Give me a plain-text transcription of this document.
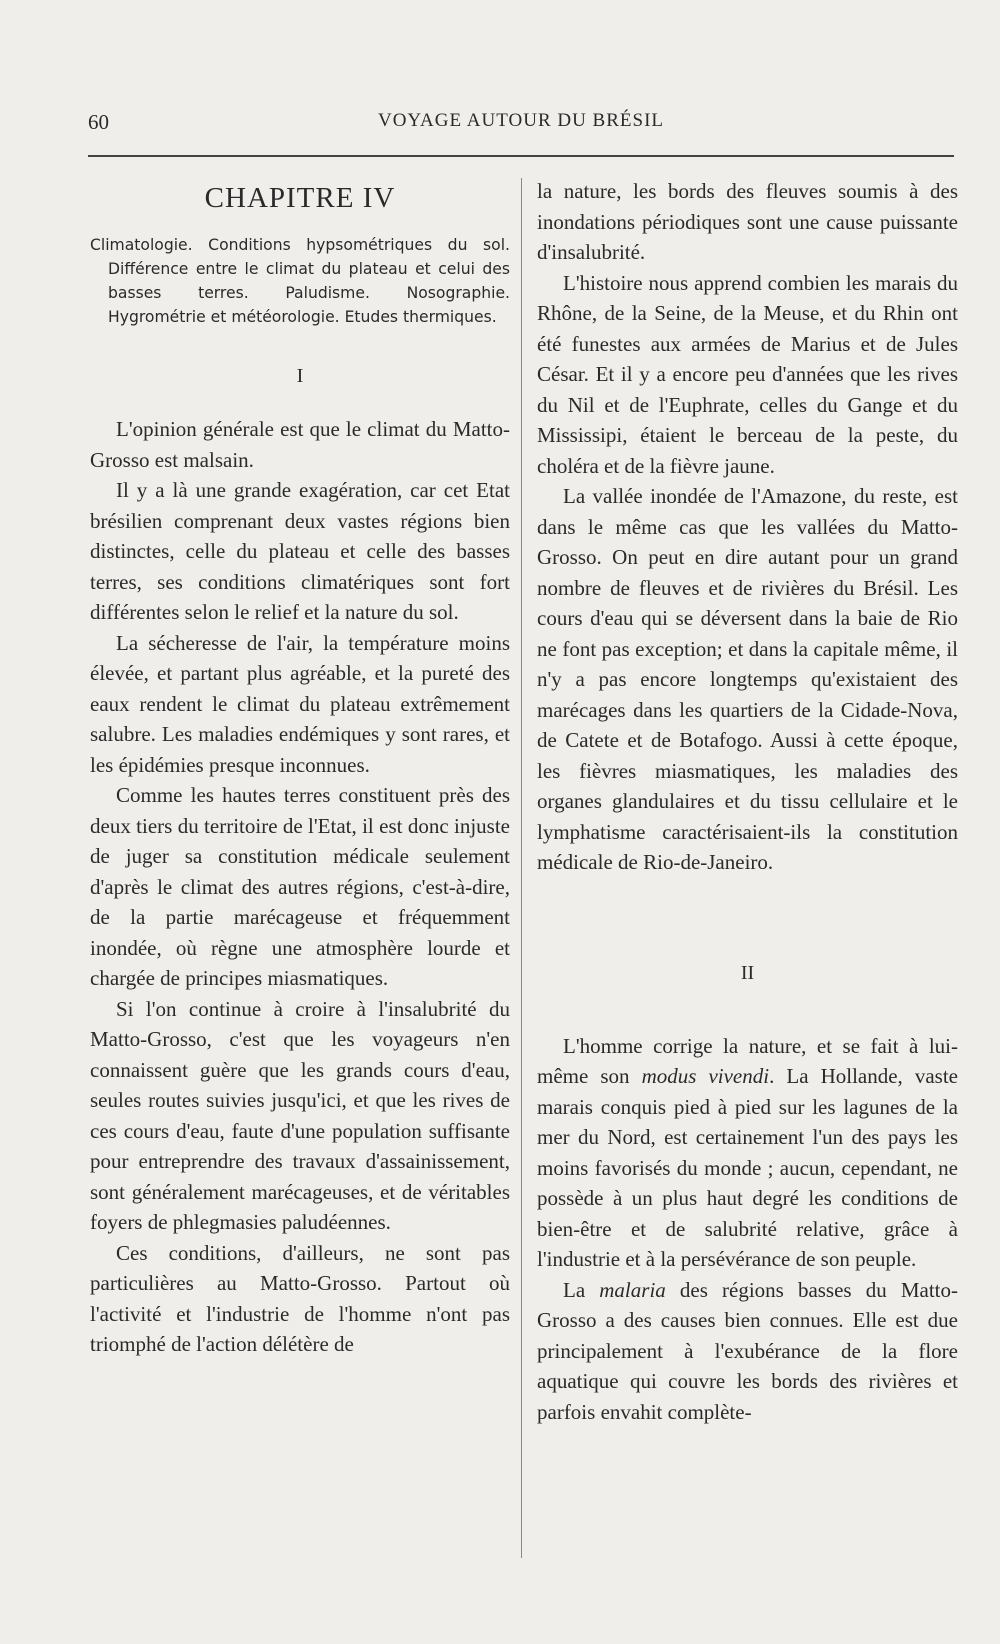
60	VOYAGE AUTOUR DU BRÉSIL
CHAPITRE IV
Climatologie. Conditions hypsométriques du sol. Différence entre le climat du plateau et celui des basses terres. Paludisme. Nosographie. Hygrométrie et météorologie. Etudes thermiques.
I

L'opinion générale est que le climat du Matto-Grosso est malsain.

Il y a là une grande exagération, car cet Etat brésilien comprenant deux vastes régions bien distinctes, celle du plateau et celle des basses terres, ses conditions climatériques sont fort différentes selon le relief et la nature du sol.

La sécheresse de l'air, la température moins élevée, et partant plus agréable, et la pureté des eaux rendent le climat du plateau extrêmement salubre. Les maladies endémiques y sont rares, et les épidémies presque inconnues.

Comme les hautes terres constituent près des deux tiers du territoire de l'Etat, il est donc injuste de juger sa constitution médicale seulement d'après le climat des autres régions, c'est-à-dire, de la partie marécageuse et fréquemment inondée, où règne une atmosphère lourde et chargée de principes miasmatiques.

Si l'on continue à croire à l'insalubrité du Matto-Grosso, c'est que les voyageurs n'en connaissent guère que les grands cours d'eau, seules routes suivies jusqu'ici, et que les rives de ces cours d'eau, faute d'une population suffisante pour entreprendre des travaux d'assainissement, sont généralement marécageuses, et de véritables foyers de phlegmasies paludéennes.

Ces conditions, d'ailleurs, ne sont pas particulières au Matto-Grosso. Partout où l'activité et l'industrie de l'homme n'ont pas triomphé de l'action délétère de

la nature, les bords des fleuves soumis à des inondations périodiques sont une cause puissante d'insalubrité.

L'histoire nous apprend combien les marais du Rhône, de la Seine, de la Meuse, et du Rhin ont été funestes aux armées de Marius et de Jules César. Et il y a encore peu d'années que les rives du Nil et de l'Euphrate, celles du Gange et du Mississipi, étaient le berceau de la peste, du choléra et de la fièvre jaune.

La vallée inondée de l'Amazone, du reste, est dans le même cas que les vallées du Matto-Grosso. On peut en dire autant pour un grand nombre de fleuves et de rivières du Brésil. Les cours d'eau qui se déversent dans la baie de Rio ne font pas exception; et dans la capitale même, il n'y a pas encore longtemps qu'existaient des marécages dans les quartiers de la Cidade-Nova, de Catete et de Botafogo. Aussi à cette époque, les fièvres miasmatiques, les maladies des organes glandulaires et du tissu cellulaire et le lymphatisme caractérisaient-ils la constitution médicale de Rio-de-Janeiro.

II

L'homme corrige la nature, et se fait à lui-même son modus vivendi. La Hollande, vaste marais conquis pied à pied sur les lagunes de la mer du Nord, est certainement l'un des pays les moins favorisés du monde ; aucun, cependant, ne possède à un plus haut degré les conditions de bien-être et de salubrité relative, grâce à l'industrie et à la persévérance de son peuple.

La malaria des régions basses du Matto-Grosso a des causes bien connues. Elle est due principalement à l'exubérance de la flore aquatique qui couvre les bords des rivières et parfois envahit complète-
